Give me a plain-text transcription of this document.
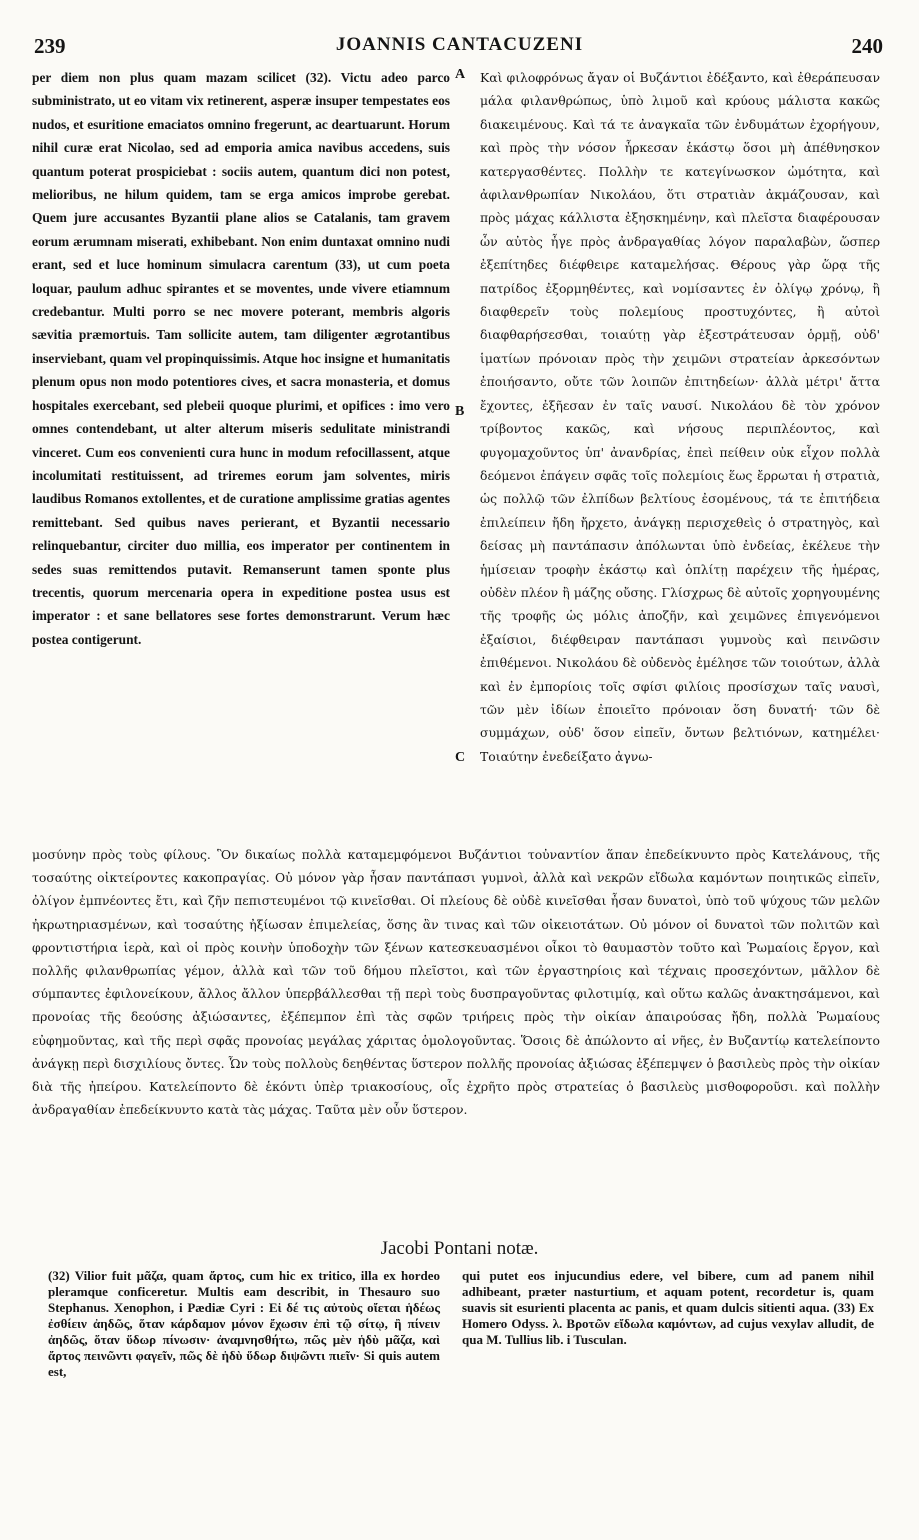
239	JOANNIS CANTACUZENI	240
per diem non plus quam mazam scilicet (32). Victu adeo parco subministrato, ut eo vitam vix retinerent, asperæ insuper tempestates eos nudos, et esuritione emaciatos omnino fregerunt, ac deartuarunt. Horum nihil curæ erat Nicolao, sed ad emporia amica navibus accedens, suis quantum poterat prospiciebat : sociis autem, quantum dici non potest, melioribus, ne hilum quidem, tam se erga amicos improbe gerebat. Quem jure accusantes Byzantii plane alios se Catalanis, tam gravem eorum ærumnam miserati, exhibebant. Non enim duntaxat omnino nudi erant, sed et luce hominum simulacra carentum (33), ut cum poeta loquar, paulum adhuc spirantes et se moventes, unde vivere etiamnum credebantur. Multi porro se nec movere poterant, membris algoris sævitia præmortuis. Tam sollicite autem, tam diligenter ægrotantibus inserviebant, quam vel propinquissimis. Atque hoc insigne et humanitatis plenum opus non modo potentiores cives, et sacra monasteria, et domus hospitales exercebant, sed plebeii quoque plurimi, et opifices : imo vero omnes contendebant, ut alter alterum miseris sedulitate ministrandi vinceret. Cum eos convenienti cura hunc in modum refocillassent, atque incolumitati restituissent, ad triremes eorum jam solventes, miris laudibus Romanos extollentes, et de curatione amplissime gratias agentes remittebant. Sed quibus naves perierant, et Byzantii necessario relinquebantur, circiter duo millia, eos imperator per continentem in sedes suas remittendos putavit. Remanserunt tamen sponte plus trecentis, quorum mercenaria opera in expeditione postea usus est imperator : et sane bellatores sese fortes demonstrarunt. Verum hæc postea contigerunt.
A
B
C
Καὶ φιλοφρόνως ἄγαν οἱ Βυζάντιοι ἐδέξαντο, καὶ ἐθεράπευσαν μάλα φιλανθρώπως, ὑπὸ λιμοῦ καὶ κρύους μάλιστα κακῶς διακειμένους. Καὶ τά τε ἀναγκαῖα τῶν ἐνδυμάτων ἐχορήγουν, καὶ πρὸς τὴν νόσον ἧρκεσαν ἑκάστῳ ὅσοι μὴ ἀπέθνησκον κατεργασθέντες. Πολλὴν τε κατεγίνωσκον ὠμότητα, καὶ ἀφιλανθρωπίαν Νικολάου, ὅτι στρατιὰν ἀκμάζουσαν, καὶ πρὸς μάχας κάλλιστα ἐξησκημένην, καὶ πλεῖστα διαφέρουσαν ὧν αὐτὸς ἦγε πρὸς ἀνδραγαθίας λόγον παραλαβὼν, ὥσπερ ἐξεπίτηδες διέφθειρε καταμελήσας. Θέρους γὰρ ὥρᾳ τῆς πατρίδος ἐξορμηθέντες, καὶ νομίσαντες ἐν ὀλίγῳ χρόνῳ, ἢ διαφθερεῖν τοὺς πολεμίους προστυχόντες, ἢ αὐτοὶ διαφθαρήσεσθαι, τοιαύτῃ γὰρ ἐξεστράτευσαν ὁρμῇ, οὐδ' ἱματίων πρόνοιαν πρὸς τὴν χειμῶνι στρατείαν ἀρκεσόντων ἐποιήσαντο, οὔτε τῶν λοιπῶν ἐπιτηδείων· ἀλλὰ μέτρι' ἄττα ἔχοντες, ἐξῆεσαν ἐν ταῖς ναυσί. Νικολάου δὲ τὸν χρόνον τρίβοντος κακῶς, καὶ νήσους περιπλέοντος, καὶ φυγομαχοῦντος ὑπ' ἀνανδρίας, ἐπεὶ πείθειν οὐκ εἶχον πολλὰ δεόμενοι ἐπάγειν σφᾶς τοῖς πολεμίοις ἕως ἔρρωται ἡ στρατιὰ, ὡς πολλῷ τῶν ἐλπίδων βελτίους ἐσομένους, τά τε ἐπιτήδεια ἐπιλείπειν ἤδη ἤρχετο, ἀνάγκῃ περισχεθεὶς ὁ στρατηγὸς, καὶ δείσας μὴ παντάπασιν ἀπόλωνται ὑπὸ ἐνδείας, ἐκέλευε τὴν ἡμίσειαν τροφὴν ἑκάστῳ καὶ ὁπλίτῃ παρέχειν τῆς ἡμέρας, οὐδὲν πλέον ἢ μάζης οὔσης. Γλίσχρως δὲ αὐτοῖς χορηγουμένης τῆς τροφῆς ὡς μόλις ἀποζῆν, καὶ χειμῶνες ἐπιγενόμενοι ἐξαίσιοι, διέφθειραν παντάπασι γυμνοὺς καὶ πεινῶσιν ἐπιθέμενοι. Νικολάου δὲ οὐδενὸς ἐμέλησε τῶν τοιούτων, ἀλλὰ καὶ ἐν ἐμπορίοις τοῖς σφίσι φιλίοις προσίσχων ταῖς ναυσὶ, τῶν μὲν ἰδίων ἐποιεῖτο πρόνοιαν ὅση δυνατή· τῶν δὲ συμμάχων, οὐδ' ὅσον εἰπεῖν, ὄντων βελτιόνων, κατημέλει· Τοιαύτην ἐνεδείξατο ἀγνω-
μοσύνην πρὸς τοὺς φίλους. Ὃν δικαίως πολλὰ καταμεμφόμενοι Βυζάντιοι τοὐναντίον ἅπαν ἐπεδείκνυντο πρὸς Κατελάνους, τῆς τοσαύτης οἰκτείροντες κακοπραγίας. Οὐ μόνον γὰρ ἦσαν παντάπασι γυμνοὶ, ἀλλὰ καὶ νεκρῶν εἴδωλα καμόντων ποιητικῶς εἰπεῖν, ὀλίγον ἐμπνέοντες ἔτι, καὶ ζῆν πεπιστευμένοι τῷ κινεῖσθαι. Οἱ πλείους δὲ οὐδὲ κινεῖσθαι ἦσαν δυνατοὶ, ὑπὸ τοῦ ψύχους τῶν μελῶν ἠκρωτηριασμένων, καὶ τοσαύτης ἠξίωσαν ἐπιμελείας, ὅσης ἂν τινας καὶ τῶν οἰκειοτάτων. Οὐ μόνον οἱ δυνατοὶ τῶν πολιτῶν καὶ φροντιστήρια ἱερὰ, καὶ οἱ πρὸς κοινὴν ὑποδοχὴν τῶν ξένων κατεσκευασμένοι οἶκοι τὸ θαυμαστὸν τοῦτο καὶ Ῥωμαίοις ἔργον, καὶ πολλῆς φιλανθρωπίας γέμον, ἀλλὰ καὶ τῶν τοῦ δήμου πλεῖστοι, καὶ τῶν ἐργαστηρίοις καὶ τέχναις προσεχόντων, μᾶλλον δὲ σύμπαντες ἐφιλονείκουν, ἄλλος ἄλλον ὑπερβάλλεσθαι τῇ περὶ τοὺς δυσπραγοῦντας φιλοτιμίᾳ, καὶ οὕτω καλῶς ἀνακτησάμενοι, καὶ προνοίας τῆς δεούσης ἀξιώσαντες, ἐξέπεμπον ἐπὶ τὰς σφῶν τριήρεις πρὸς τὴν οἰκίαν ἀπαιρούσας ἤδη, πολλὰ Ῥωμαίους εὐφημοῦντας, καὶ τῆς περὶ σφᾶς προνοίας μεγάλας χάριτας ὁμολογοῦντας. Ὅσοις δὲ ἀπώλοντο αἱ νῆες, ἐν Βυζαντίῳ κατελείποντο ἀνάγκῃ περὶ δισχιλίους ὄντες. Ὧν τοὺς πολλοὺς δεηθέντας ὕστερον πολλῆς προνοίας ἀξιώσας ἐξέπεμψεν ὁ βασιλεὺς πρὸς τὴν οἰκίαν διὰ τῆς ἠπείρου. Κατελείποντο δὲ ἑκόντι ὑπὲρ τριακοσίους, οἷς ἐχρῆτο πρὸς στρατείας ὁ βασιλεὺς μισθοφοροῦσι. καὶ πολλὴν ἀνδραγαθίαν ἐπεδείκνυντο κατὰ τὰς μάχας. Ταῦτα μὲν οὖν ὕστερον.
Jacobi Pontani notæ.
(32) Vilior fuit μᾶζα, quam ἄρτος, cum hic ex tritico, illa ex hordeo pleramque conficeretur. Multis eam describit, in Thesauro suo Stephanus. Xenophon, i Pædiæ Cyri : Εἰ δέ τις αὐτοὺς οἴεται ἡδέως ἐσθίειν ἀηδῶς, ὅταν κάρδαμον μόνον ἔχωσιν ἐπὶ τῷ σίτῳ, ἢ πίνειν ἀηδῶς, ὅταν ὕδωρ πίνωσιν· ἀναμνησθήτω, πῶς μὲν ἡδὺ μᾶζα, καὶ ἄρτος πεινῶντι φαγεῖν, πῶς δὲ ἡδὺ ὕδωρ διψῶντι πιεῖν· Si quis autem est,
qui putet eos injucundius edere, vel bibere, cum ad panem nihil adhibeant, præter nasturtium, et aquam potent, recordetur is, quam suavis sit esurienti placenta ac panis, et quam dulcis sitienti aqua. (33) Ex Homero Odyss. λ. Βροτῶν εἴδωλα καμόντων, ad cujus vexylav alludit, de qua M. Tullius lib. i Tusculan.
